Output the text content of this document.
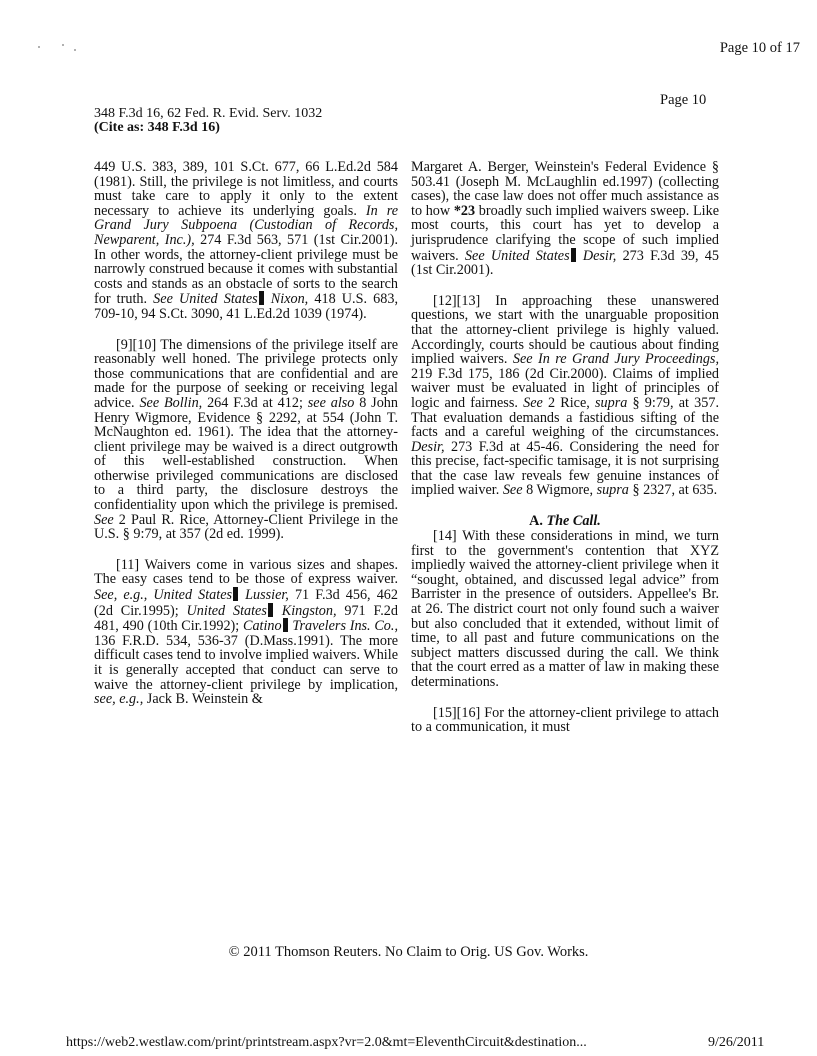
Page 10 of 17
Page 10
348 F.3d 16, 62 Fed. R. Evid. Serv. 1032
(Cite as: 348 F.3d 16)

449 U.S. 383, 389, 101 S.Ct. 677, 66 L.Ed.2d 584 (1981). Still, the privilege is not limitless, and courts must take care to apply it only to the extent necessary to achieve its underlying goals. In re Grand Jury Subpoena (Custodian of Records, Newparent, Inc.), 274 F.3d 563, 571 (1st Cir.2001). In other words, the attorney-client privilege must be narrowly construed because it comes with substantial costs and stands as an obstacle of sorts to the search for truth. See United States Nixon, 418 U.S. 683, 709-10, 94 S.Ct. 3090, 41 L.Ed.2d 1039 (1974).

[9][10] The dimensions of the privilege itself are reasonably well honed. The privilege protects only those communications that are confidential and are made for the purpose of seeking or receiving legal advice. See Bollin, 264 F.3d at 412; see also 8 John Henry Wigmore, Evidence § 2292, at 554 (John T. McNaughton ed. 1961). The idea that the attorney-client privilege may be waived is a direct outgrowth of this well-established construction. When otherwise privileged communications are disclosed to a third party, the disclosure destroys the confidentiality upon which the privilege is premised. See 2 Paul R. Rice, Attorney-Client Privilege in the U.S. § 9:79, at 357 (2d ed. 1999).

[11] Waivers come in various sizes and shapes. The easy cases tend to be those of express waiver. See, e.g., United States Lussier, 71 F.3d 456, 462 (2d Cir.1995); United States Kingston, 971 F.2d 481, 490 (10th Cir.1992); Catino Travelers Ins. Co., 136 F.R.D. 534, 536-37 (D.Mass.1991). The more difficult cases tend to involve implied waivers. While it is generally accepted that conduct can serve to waive the attorney-client privilege by implication, see, e.g., Jack B. Weinstein &

Margaret A. Berger, Weinstein's Federal Evidence § 503.41 (Joseph M. McLaughlin ed.1997) (collecting cases), the case law does not offer much assistance as to how *23 broadly such implied waivers sweep. Like most courts, this court has yet to develop a jurisprudence clarifying the scope of such implied waivers. See United States Desir, 273 F.3d 39, 45 (1st Cir.2001).

[12][13] In approaching these unanswered questions, we start with the unarguable proposition that the attorney-client privilege is highly valued. Accordingly, courts should be cautious about finding implied waivers. See In re Grand Jury Proceedings, 219 F.3d 175, 186 (2d Cir.2000). Claims of implied waiver must be evaluated in light of principles of logic and fairness. See 2 Rice, supra § 9:79, at 357. That evaluation demands a fastidious sifting of the facts and a careful weighing of the circumstances. Desir, 273 F.3d at 45-46. Considering the need for this precise, fact-specific tamisage, it is not surprising that the case law reveals few genuine instances of implied waiver. See 8 Wigmore, supra § 2327, at 635.

A. The Call.

[14] With these considerations in mind, we turn first to the government's contention that XYZ impliedly waived the attorney-client privilege when it “sought, obtained, and discussed legal advice” from Barrister in the presence of outsiders. Appellee's Br. at 26. The district court not only found such a waiver but also concluded that it extended, without limit of time, to all past and future communications on the subject matters discussed during the call. We think that the court erred as a matter of law in making these determinations.

[15][16] For the attorney-client privilege to attach to a communication, it must

© 2011 Thomson Reuters. No Claim to Orig. US Gov. Works.
https://web2.westlaw.com/print/printstream.aspx?vr=2.0&mt=EleventhCircuit&destination...	9/26/2011
